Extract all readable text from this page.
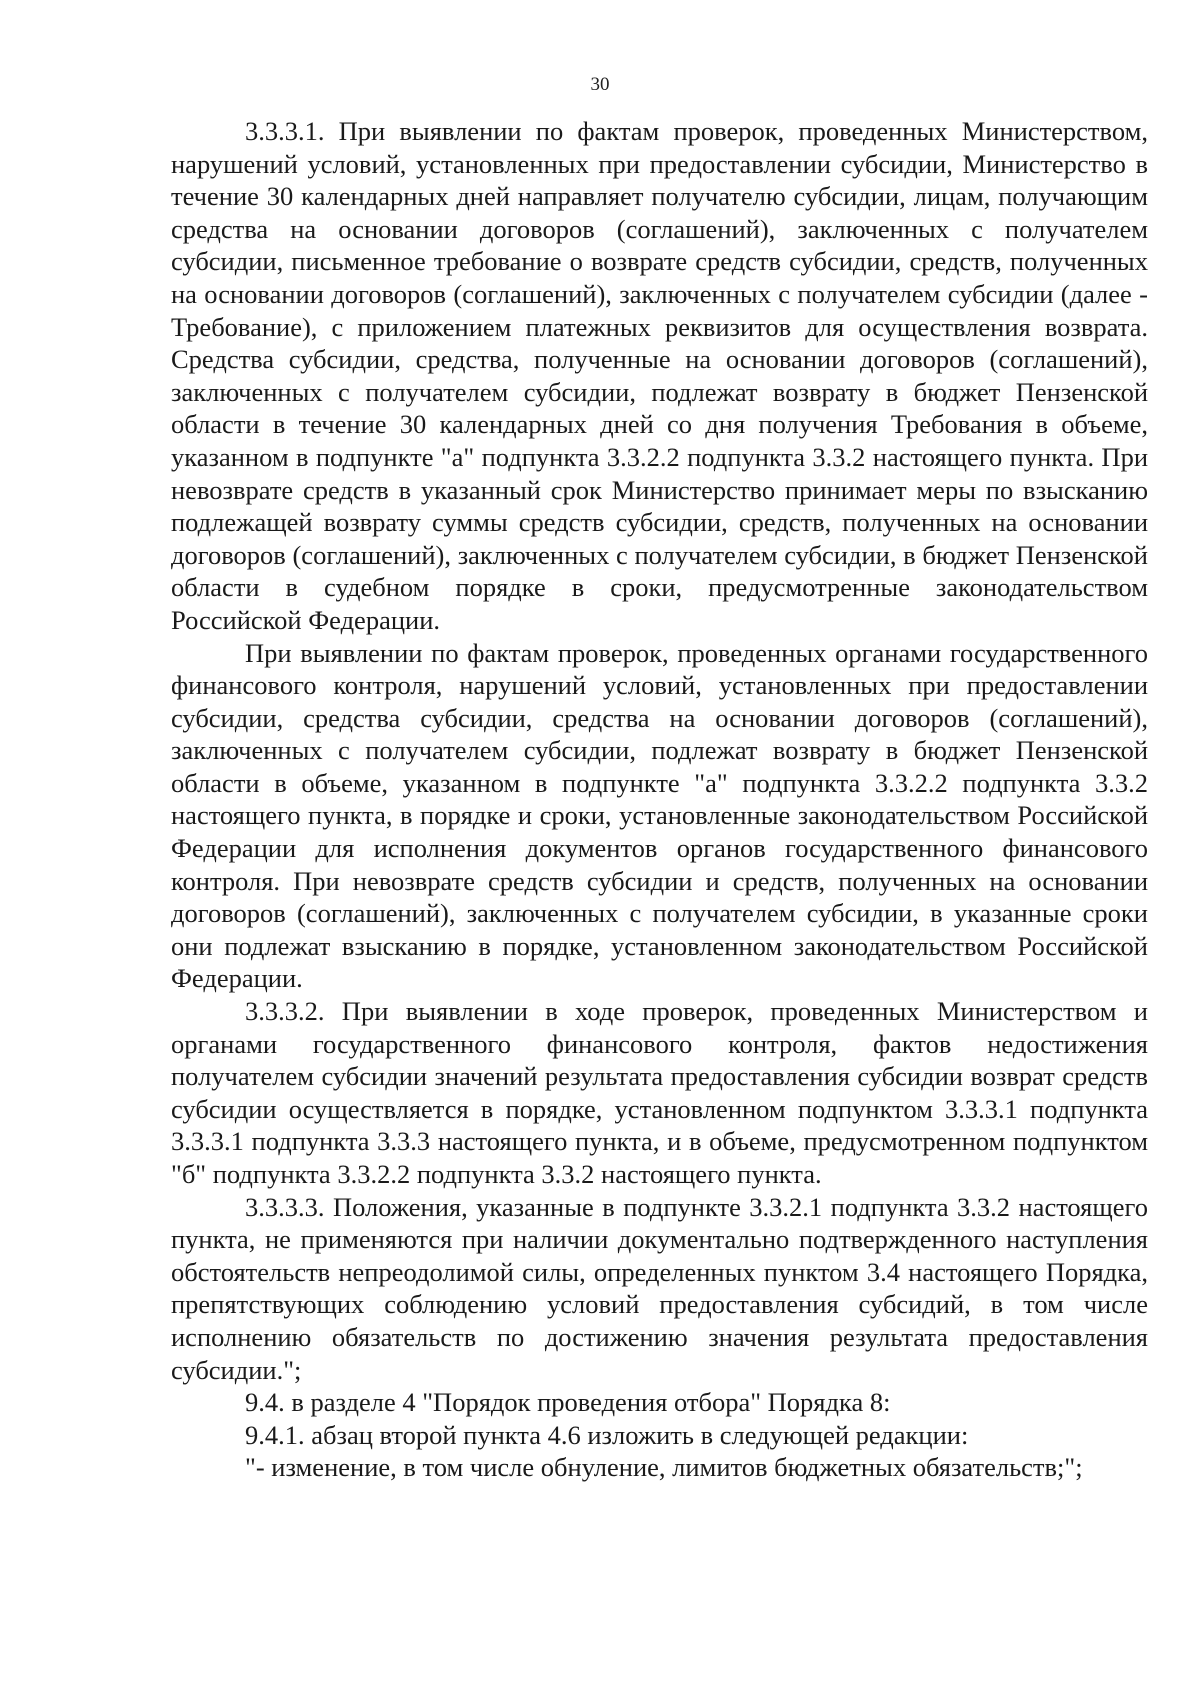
30

3.3.3.1. При выявлении по фактам проверок, проведенных Министерством, нарушений условий, установленных при предоставлении субсидии, Министерство в течение 30 календарных дней направляет получателю субсидии, лицам, получающим средства на основании договоров (соглашений), заключенных с получателем субсидии, письменное требование о возврате средств субсидии, средств, полученных на основании договоров (соглашений), заключенных с получателем субсидии (далее - Требование), с приложением платежных реквизитов для осуществления возврата. Средства субсидии, средства, полученные на основании договоров (соглашений), заключенных с получателем субсидии, подлежат возврату в бюджет Пензенской области в течение 30 календарных дней со дня получения Требования в объеме, указанном в подпункте "а" подпункта 3.3.2.2 подпункта 3.3.2 настоящего пункта. При невозврате средств в указанный срок Министерство принимает меры по взысканию подлежащей возврату суммы средств субсидии, средств, полученных на основании договоров (соглашений), заключенных с получателем субсидии, в бюджет Пензенской области в судебном порядке в сроки, предусмотренные законодательством Российской Федерации.

При выявлении по фактам проверок, проведенных органами государственного финансового контроля, нарушений условий, установленных при предоставлении субсидии, средства субсидии, средства на основании договоров (соглашений), заключенных с получателем субсидии, подлежат возврату в бюджет Пензенской области в объеме, указанном в подпункте "а" подпункта 3.3.2.2 подпункта 3.3.2 настоящего пункта, в порядке и сроки, установленные законодательством Российской Федерации для исполнения документов органов государственного финансового контроля. При невозврате средств субсидии и средств, полученных на основании договоров (соглашений), заключенных с получателем субсидии, в указанные сроки они подлежат взысканию в порядке, установленном законодательством Российской Федерации.

3.3.3.2. При выявлении в ходе проверок, проведенных Министерством и органами государственного финансового контроля, фактов недостижения получателем субсидии значений результата предоставления субсидии возврат средств субсидии осуществляется в порядке, установленном подпунктом 3.3.3.1 подпункта 3.3.3.1 подпункта 3.3.3 настоящего пункта, и в объеме, предусмотренном подпунктом "б" подпункта 3.3.2.2 подпункта 3.3.2 настоящего пункта.

3.3.3.3. Положения, указанные в подпункте 3.3.2.1 подпункта 3.3.2 настоящего пункта, не применяются при наличии документально подтвержденного наступления обстоятельств непреодолимой силы, определенных пунктом 3.4 настоящего Порядка, препятствующих соблюдению условий предоставления субсидий, в том числе исполнению обязательств по достижению значения результата предоставления субсидии.";

9.4. в разделе 4 "Порядок проведения отбора" Порядка 8:

9.4.1. абзац второй пункта 4.6 изложить в следующей редакции:

"- изменение, в том числе обнуление, лимитов бюджетных обязательств;";
